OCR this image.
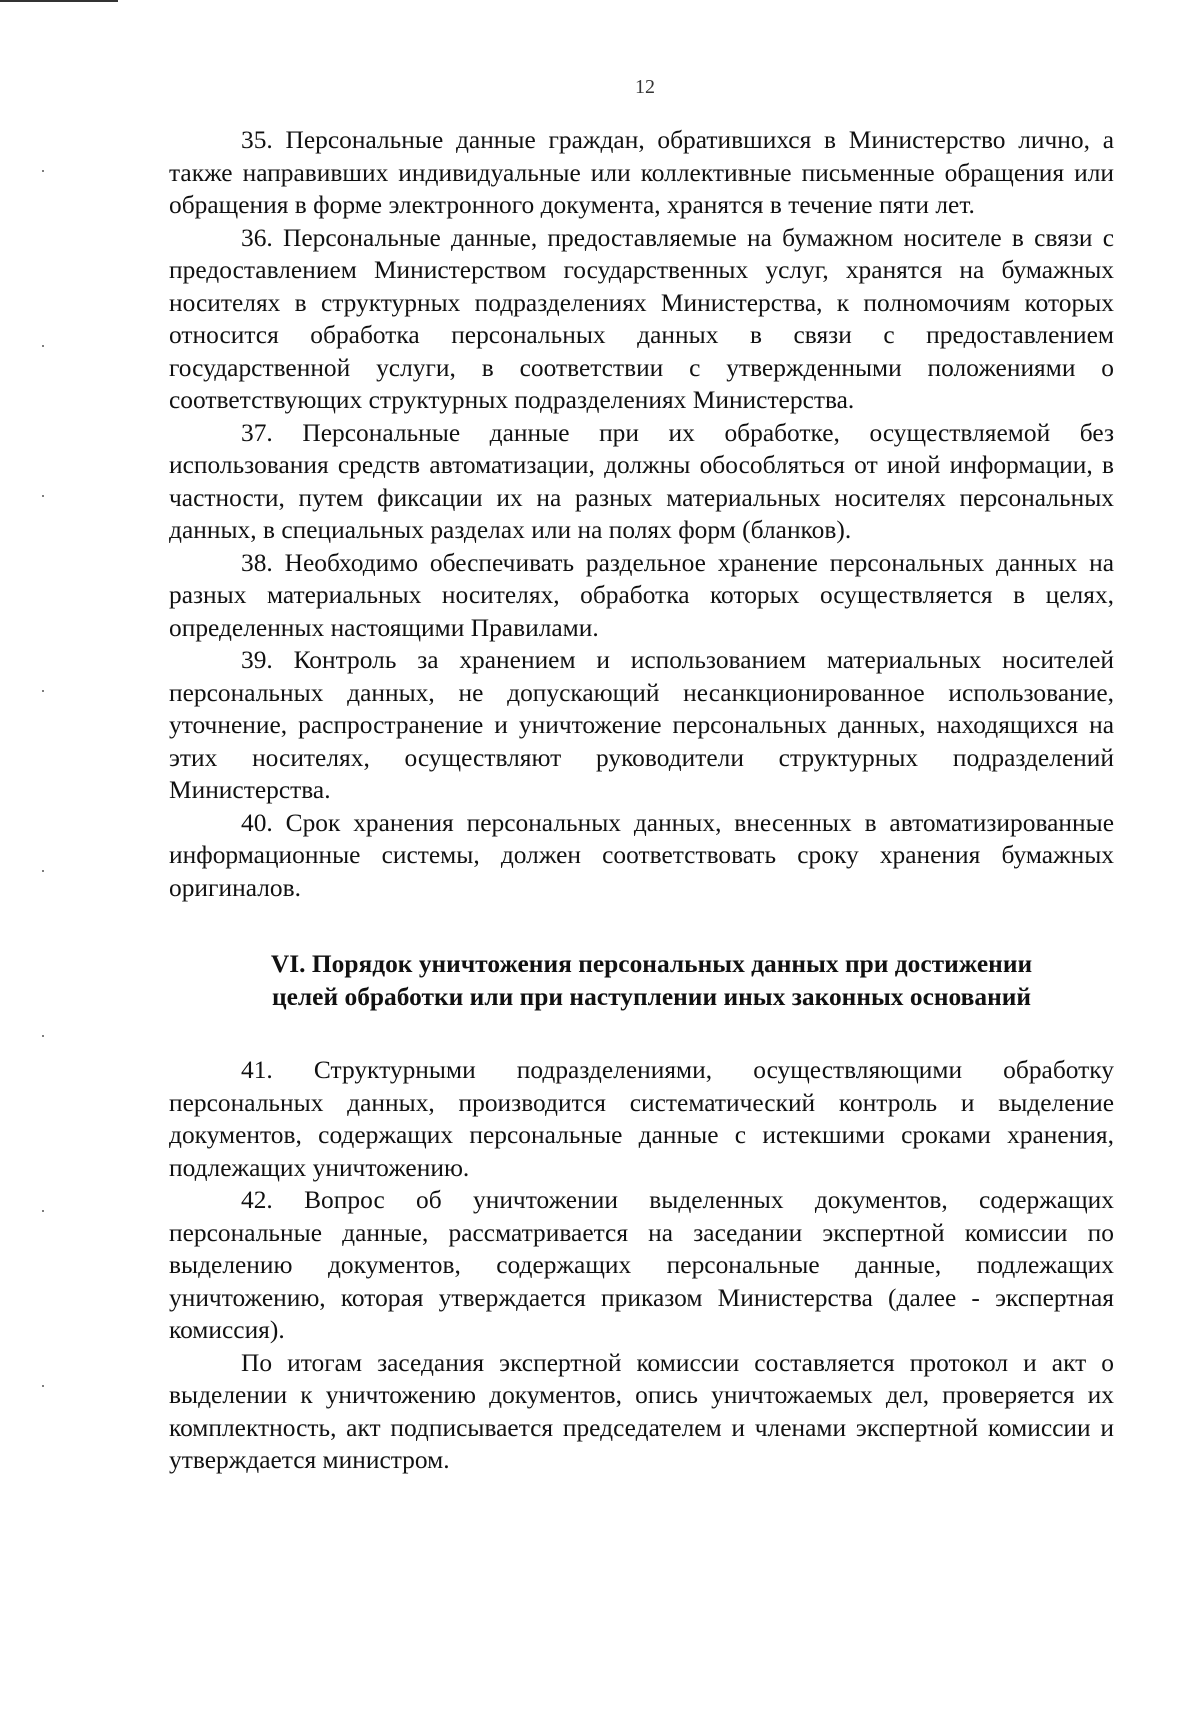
12

35. Персональные данные граждан, обратившихся в Министерство лично, а также направивших индивидуальные или коллективные письменные обращения или обращения в форме электронного документа, хранятся в течение пяти лет.

36. Персональные данные, предоставляемые на бумажном носителе в связи с предоставлением Министерством государственных услуг, хранятся на бумажных носителях в структурных подразделениях Министерства, к полномочиям которых относится обработка персональных данных в связи с предоставлением государственной услуги, в соответствии с утвержденными положениями о соответствующих структурных подразделениях Министерства.

37. Персональные данные при их обработке, осуществляемой без использования средств автоматизации, должны обособляться от иной информации, в частности, путем фиксации их на разных материальных носителях персональных данных, в специальных разделах или на полях форм (бланков).

38. Необходимо обеспечивать раздельное хранение персональных данных на разных материальных носителях, обработка которых осуществляется в целях, определенных настоящими Правилами.

39. Контроль за хранением и использованием материальных носителей персональных данных, не допускающий несанкционированное использование, уточнение, распространение и уничтожение персональных данных, находящихся на этих носителях, осуществляют руководители структурных подразделений Министерства.

40. Срок хранения персональных данных, внесенных в автоматизированные информационные системы, должен соответствовать сроку хранения бумажных оригиналов.

VI. Порядок уничтожения персональных данных при достижении
целей обработки или при наступлении иных законных оснований

41. Структурными подразделениями, осуществляющими обработку персональных данных, производится систематический контроль и выделение документов, содержащих персональные данные с истекшими сроками хранения, подлежащих уничтожению.

42. Вопрос об уничтожении выделенных документов, содержащих персональные данные, рассматривается на заседании экспертной комиссии по выделению документов, содержащих персональные данные, подлежащих уничтожению, которая утверждается приказом Министерства (далее - экспертная комиссия).

По итогам заседания экспертной комиссии составляется протокол и акт о выделении к уничтожению документов, опись уничтожаемых дел, проверяется их комплектность, акт подписывается председателем и членами экспертной комиссии и утверждается министром.
